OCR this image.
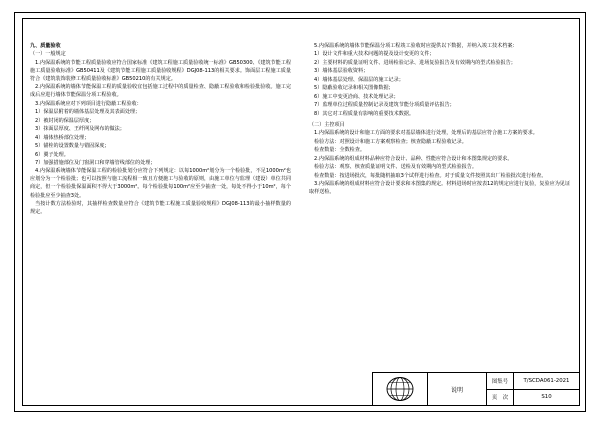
九、质量验收

（一）一般规定

1.内保温系统的节能工程质量验收应符合国家标准《建筑工程施工质量验收统一标准》GB50300、《建筑节能工程施工质量验收标准》GB50411及《建筑节能工程施工质量验收规程》DGJ08-113的相关要求。饰面层工程施工质量符合《建筑装饰装修工程质量验收标准》GB50210的有关规定。

2.内保温系统的墙体节能保温工程的质量验收宜包括施工过程中的质量检查、隐蔽工程验收和检验批验收。施工完成后应进行墙体节能保温分项工程验收。

3.内保温系统应对下列项目进行隐蔽工程验收：

1）保温层附着的墙体基层处理及其表面处理；

2）被封闭的保温层厚度；

3）抹面层厚度、玊纤网及网布的做法；

4）墙体热桥部位处理；

5）锚栓的设置数量与错固深度；

6）翼子处理。

7）加强措施部位及门窗洞口和穿墙管线部位的处理；

4.内保温系统墙体节能保温工程的检验批划分应符合下列规定：以每1000m²划分为一个检验批，不足1000m²也应划分为一个检验批；也可以按照与施工流程相一致且方便施工与验收的原则，由施工单位与监理（建设）单位共同商定，但一个检验批保温面积不得大于3000m²。每个检验批每100m²应至少抽查一处，每处不得小于10m²，每个检验批应至少抽查3处。

当按计数方法检验时，其抽样检查数量应符合《建筑节能工程施工质量验收规程》DGJ08-113的最小抽样数量的规定。

5.内保温系统的墙体节能保温分项工程竣工验收时应提供以下数据，并纳入竣工技术档案：

1）设计文件和重大技术问题的提及设计变更的文件；

2）主要材料的质量证明文件、进场检验记录、进场复验报告及有效期内的型式检验报告；

3）墙体基层验收资料；

4）墙体基层处理、保温层的施工记录；

5）隐蔽验收记录和相关图像数据；

6）施工中变更洽商、技术处理记录；

7）监理单位过程质量控制记录及建筑节能分项质量评估报告；

8）其它对工程质量有影响的重要技术数据。

（二）主控项目

1.内保温系统的设计和施工方面的要求对基层墙体进行处理，处理后的基层应符合施工方案的要求。

检验方法：对照设计和施工方案观察检查；核查隐蔽工程验收记录。

检查数量：全数检查。

2.内保温系统的组成材料品种应符合设计、品种、性能应符合设计和本图集规定的要求。

检验方法：观察、核查质量证明文件、送检及有效期内的型式检验报告。

检查数量：按进场批次，每批随机抽取3个试样进行检查。对于质量文件按照其出厂检验批次进行检查。

3.内保温系统的组成材料应符合设计要求和本图集的规定。材料进场时应按表12的规定应进行复验，复验应为见证取样送检。

说明
图集号	T/SCDA061-2021
页　次	S10
